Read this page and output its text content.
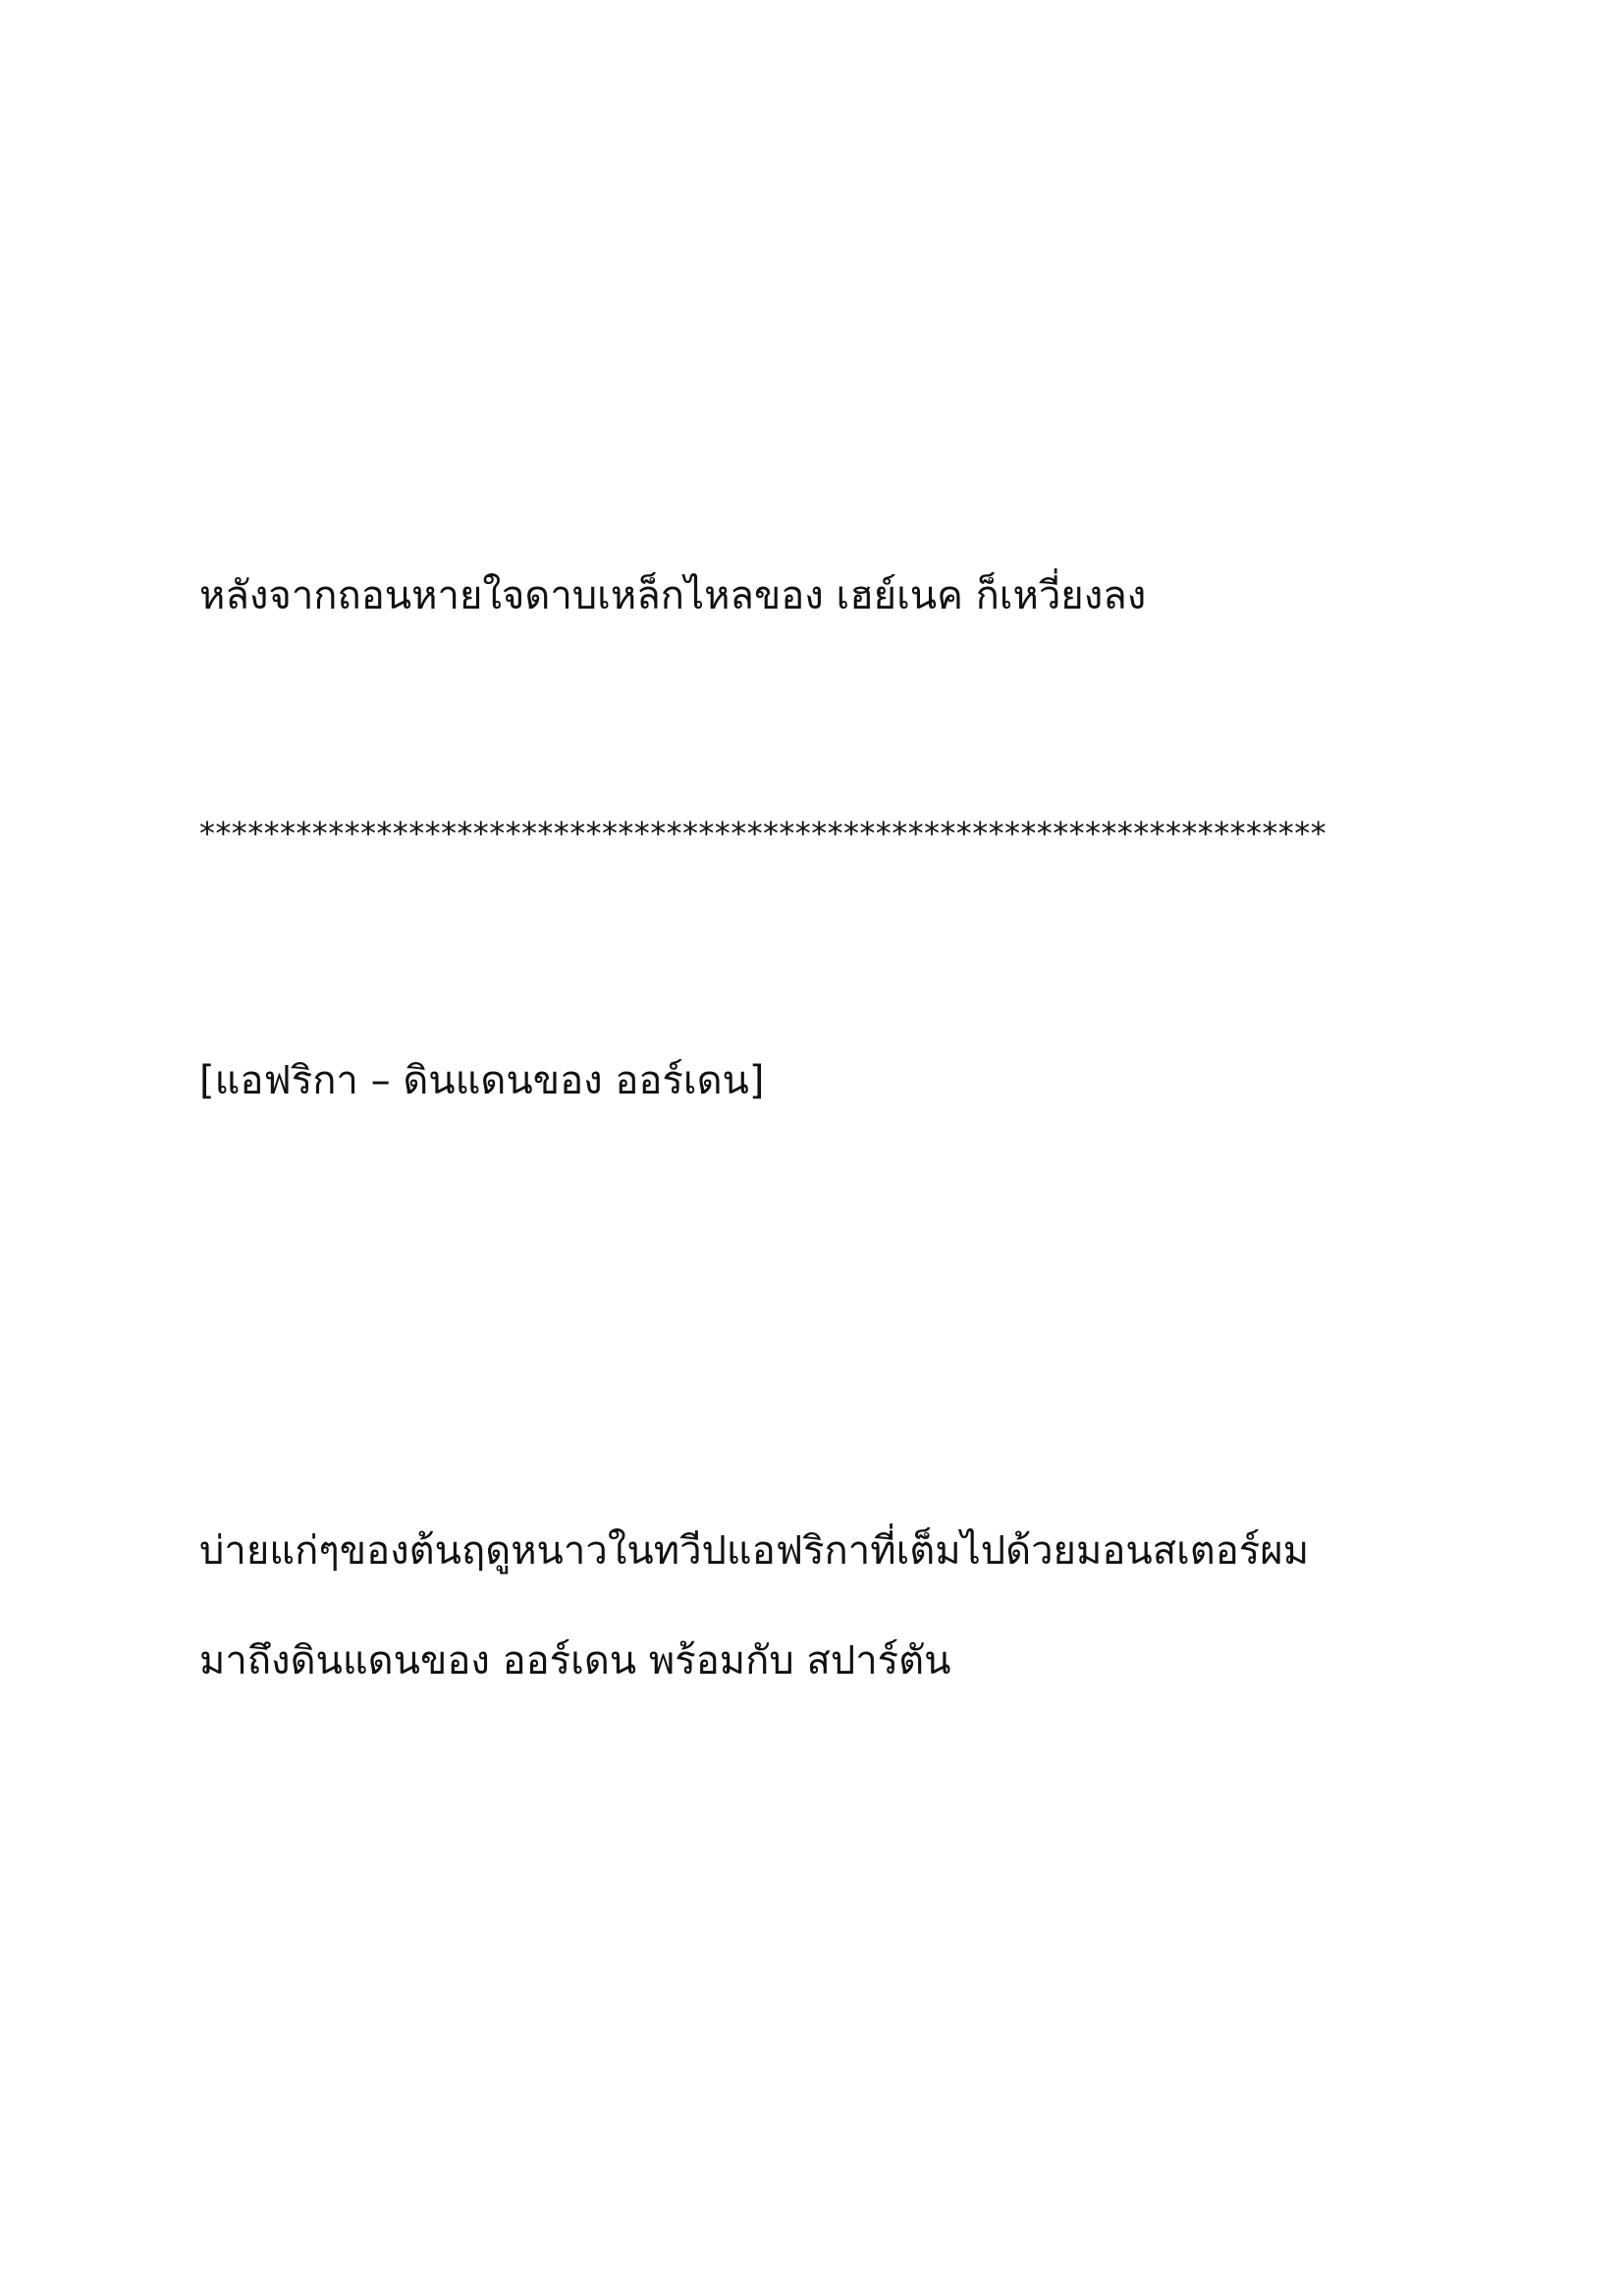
หลังจากถอนหายใจดาบเหล็กไหลของ เฮย์เนค ก็เหวี่ยงลง

**********************************************************************

[แอฟริกา – ดินแดนของ ออร์เดน]

บ่ายแก่ๆของต้นฤดูหนาวในทวีปแอฟริกาที่เต็มไปด้วยมอนสเตอร์ผม

มาถึงดินแดนของ ออร์เดน พร้อมกับ สปาร์ตัน
